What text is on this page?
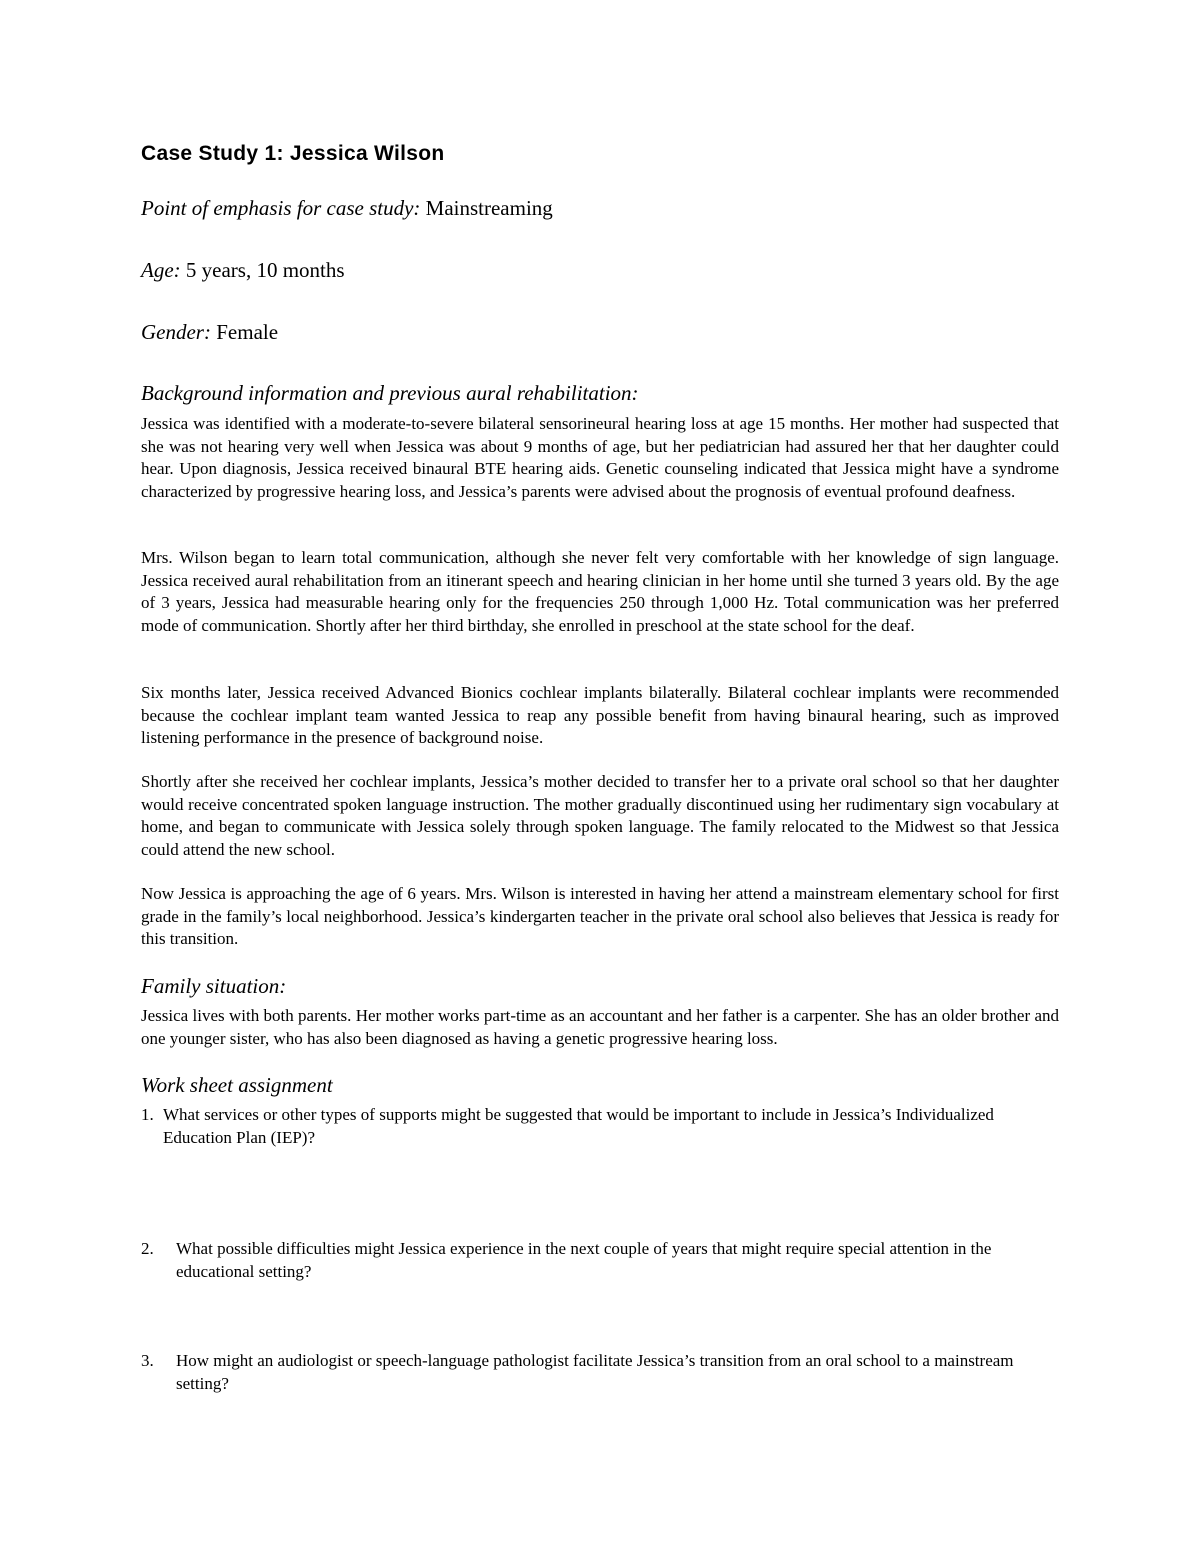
Case Study 1: Jessica Wilson
Point of emphasis for case study: Mainstreaming
Age: 5 years, 10 months
Gender: Female
Background information and previous aural rehabilitation:

Jessica was identified with a moderate-to-severe bilateral sensorineural hearing loss at age 15 months. Her mother had suspected that she was not hearing very well when Jessica was about 9 months of age, but her pediatrician had assured her that her daughter could hear. Upon diagnosis, Jessica received binaural BTE hearing aids. Genetic counseling indicated that Jessica might have a syndrome characterized by progressive hearing loss, and Jessica’s parents were advised about the prognosis of eventual profound deafness.

Mrs. Wilson began to learn total communication, although she never felt very comfortable with her knowledge of sign language. Jessica received aural rehabilitation from an itinerant speech and hearing clinician in her home until she turned 3 years old. By the age of 3 years, Jessica had measurable hearing only for the frequencies 250 through 1,000 Hz. Total communication was her preferred mode of communication. Shortly after her third birthday, she enrolled in preschool at the state school for the deaf.

Six months later, Jessica received Advanced Bionics cochlear implants bilaterally. Bilateral cochlear implants were recommended because the cochlear implant team wanted Jessica to reap any possible benefit from having binaural hearing, such as improved listening performance in the presence of background noise.

Shortly after she received her cochlear implants, Jessica’s mother decided to transfer her to a private oral school so that her daughter would receive concentrated spoken language instruction. The mother gradually discontinued using her rudimentary sign vocabulary at home, and began to communicate with Jessica solely through spoken language. The family relocated to the Midwest so that Jessica could attend the new school.

Now Jessica is approaching the age of 6 years. Mrs. Wilson is interested in having her attend a mainstream elementary school for first grade in the family’s local neighborhood. Jessica’s kindergarten teacher in the private oral school also believes that Jessica is ready for this transition.

Family situation:

Jessica lives with both parents. Her mother works part-time as an accountant and her father is a carpenter. She has an older brother and one younger sister, who has also been diagnosed as having a genetic progressive hearing loss.

Work sheet assignment
1. What services or other types of supports might be suggested that would be important to include in Jessica’s Individualized Education Plan (IEP)?
2.	What possible difficulties might Jessica experience in the next couple of years that might require special attention in the educational setting?
3.	How might an audiologist or speech-language pathologist facilitate Jessica’s transition from an oral school to a mainstream setting?
